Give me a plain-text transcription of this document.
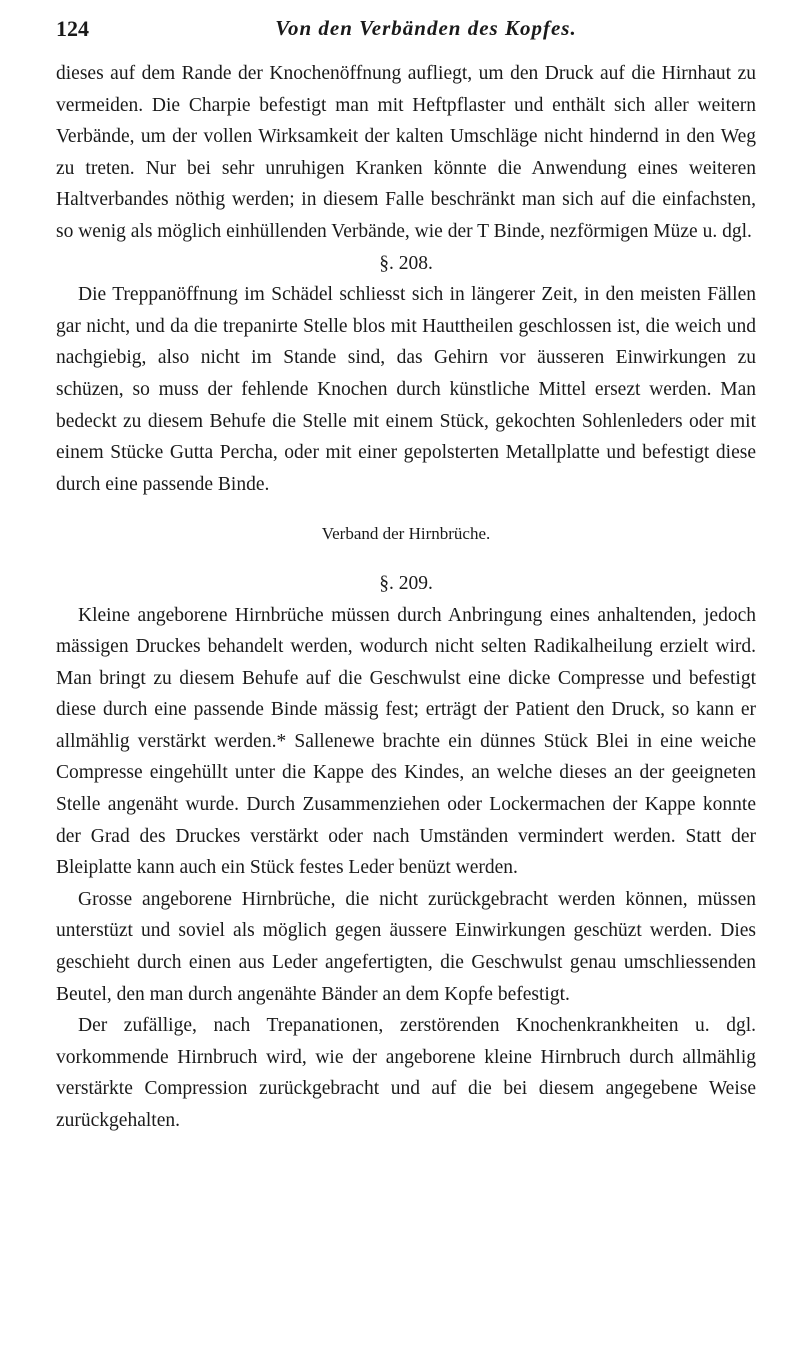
124	Von den Verbänden des Kopfes.

dieses auf dem Rande der Knochenöffnung aufliegt, um den Druck auf die Hirnhaut zu vermeiden. Die Charpie befestigt man mit Heftpflaster und enthält sich aller weitern Verbände, um der vollen Wirksamkeit der kalten Umschläge nicht hindernd in den Weg zu treten. Nur bei sehr unruhigen Kranken könnte die Anwendung eines weiteren Haltverbandes nöthig werden; in diesem Falle beschränkt man sich auf die einfachsten, so wenig als möglich einhüllenden Verbände, wie der T Binde, nezförmigen Müze u. dgl.

§. 208.

Die Treppanöffnung im Schädel schliesst sich in längerer Zeit, in den meisten Fällen gar nicht, und da die trepanirte Stelle blos mit Hauttheilen geschlossen ist, die weich und nachgiebig, also nicht im Stande sind, das Gehirn vor äusseren Einwirkungen zu schüzen, so muss der fehlende Knochen durch künstliche Mittel ersezt werden. Man bedeckt zu diesem Behufe die Stelle mit einem Stück, gekochten Sohlenleders oder mit einem Stücke Gutta Percha, oder mit einer gepolsterten Metallplatte und befestigt diese durch eine passende Binde.

Verband der Hirnbrüche.

§. 209.

Kleine angeborene Hirnbrüche müssen durch Anbringung eines anhaltenden, jedoch mässigen Druckes behandelt werden, wodurch nicht selten Radikalheilung erzielt wird. Man bringt zu diesem Behufe auf die Geschwulst eine dicke Compresse und befestigt diese durch eine passende Binde mässig fest; erträgt der Patient den Druck, so kann er allmählig verstärkt werden.* Sallenewe brachte ein dünnes Stück Blei in eine weiche Compresse eingehüllt unter die Kappe des Kindes, an welche dieses an der geeigneten Stelle angenäht wurde. Durch Zusammenziehen oder Lockermachen der Kappe konnte der Grad des Druckes verstärkt oder nach Umständen vermindert werden. Statt der Bleiplatte kann auch ein Stück festes Leder benüzt werden.

Grosse angeborene Hirnbrüche, die nicht zurückgebracht werden können, müssen unterstüzt und soviel als möglich gegen äussere Einwirkungen geschüzt werden. Dies geschieht durch einen aus Leder angefertigten, die Geschwulst genau umschliessenden Beutel, den man durch angenähte Bänder an dem Kopfe befestigt.

Der zufällige, nach Trepanationen, zerstörenden Knochenkrankheiten u. dgl. vorkommende Hirnbruch wird, wie der angeborene kleine Hirnbruch durch allmählig verstärkte Compression zurückgebracht und auf die bei diesem angegebene Weise zurückgehalten.
